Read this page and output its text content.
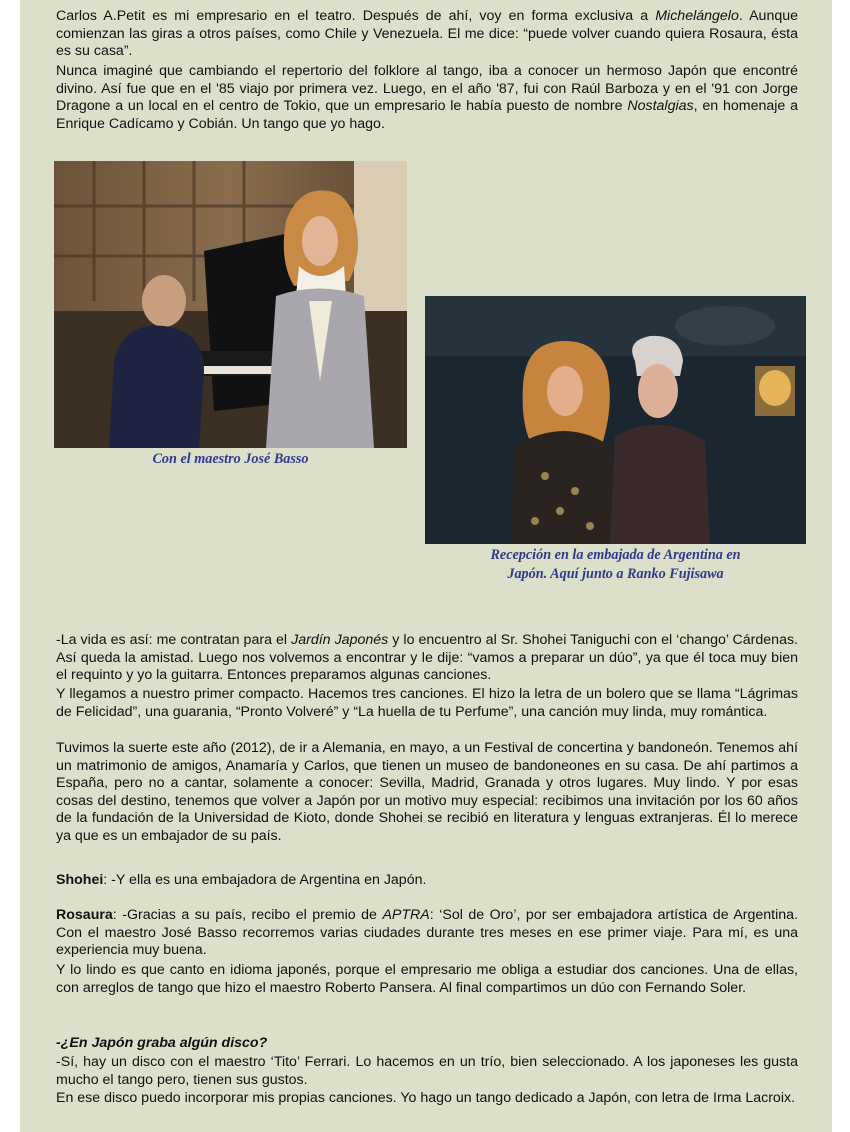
Carlos A.Petit es mi empresario en el teatro. Después de ahí, voy en forma exclusiva a Michelángelo. Aunque comienzan las giras a otros países, como Chile y Venezuela. El me dice: “puede volver cuando quiera Rosaura, ésta es su casa”.

Nunca imaginé que cambiando el repertorio del folklore al tango, iba a conocer un hermoso Japón que encontré divino. Así fue que en el '85 viajo por primera vez. Luego, en el año '87, fui con Raúl Barboza y en el '91 con Jorge Dragone a un local en el centro de Tokio, que un empresario le había puesto de nombre Nostalgias, en homenaje a Enrique Cadícamo y Cobián. Un tango que yo hago.

Con el maestro José Basso

Recepción en la embajada de Argentina en
Japón. Aquí junto a Ranko Fujisawa

-La vida es así: me contratan para el Jardín Japonés y lo encuentro al Sr. Shohei Taniguchi con el ‘chango’ Cárdenas. Así queda la amistad. Luego nos volvemos a encontrar y le dije: “vamos a preparar un dúo”, ya que él toca muy bien el requinto y yo la guitarra. Entonces preparamos algunas canciones.

Y llegamos a nuestro primer compacto. Hacemos tres canciones. El hizo la letra de un bolero que se llama “Lágrimas de Felicidad”, una guarania, “Pronto Volveré” y “La huella de tu Perfume”, una canción muy linda, muy romántica.

Tuvimos la suerte este año (2012), de ir a Alemania, en mayo, a un Festival de concertina y bandoneón. Tenemos ahí un matrimonio de amigos, Anamaría y Carlos, que tienen un museo de bandoneones en su casa. De ahí partimos a España, pero no a cantar, solamente a conocer: Sevilla, Madrid, Granada y otros lugares. Muy lindo. Y por esas cosas del destino, tenemos que volver a Japón por un motivo muy especial: recibimos una invitación por los 60 años de la fundación de la Universidad de Kioto, donde Shohei se recibió en literatura y lenguas extranjeras. Él lo merece ya que es un embajador de su país.

Shohei: -Y ella es una embajadora de Argentina en Japón.

Rosaura: -Gracias a su país, recibo el premio de APTRA: ‘Sol de Oro’, por ser embajadora artística de Argentina. Con el maestro José Basso recorremos varias ciudades durante tres meses en ese primer viaje. Para mí, es una experiencia muy buena.

Y lo lindo es que canto en idioma japonés, porque el empresario me obliga a estudiar dos canciones. Una de ellas, con arreglos de tango que hizo el maestro Roberto Pansera. Al final compartimos un dúo con Fernando Soler.

-¿En Japón graba algún disco?

-Sí, hay un disco con el maestro ‘Tito’ Ferrari. Lo hacemos en un trío, bien seleccionado. A los japoneses les gusta mucho el tango pero, tienen sus gustos.

En ese disco puedo incorporar mis propias canciones. Yo hago un tango dedicado a Japón, con letra de Irma Lacroix.
